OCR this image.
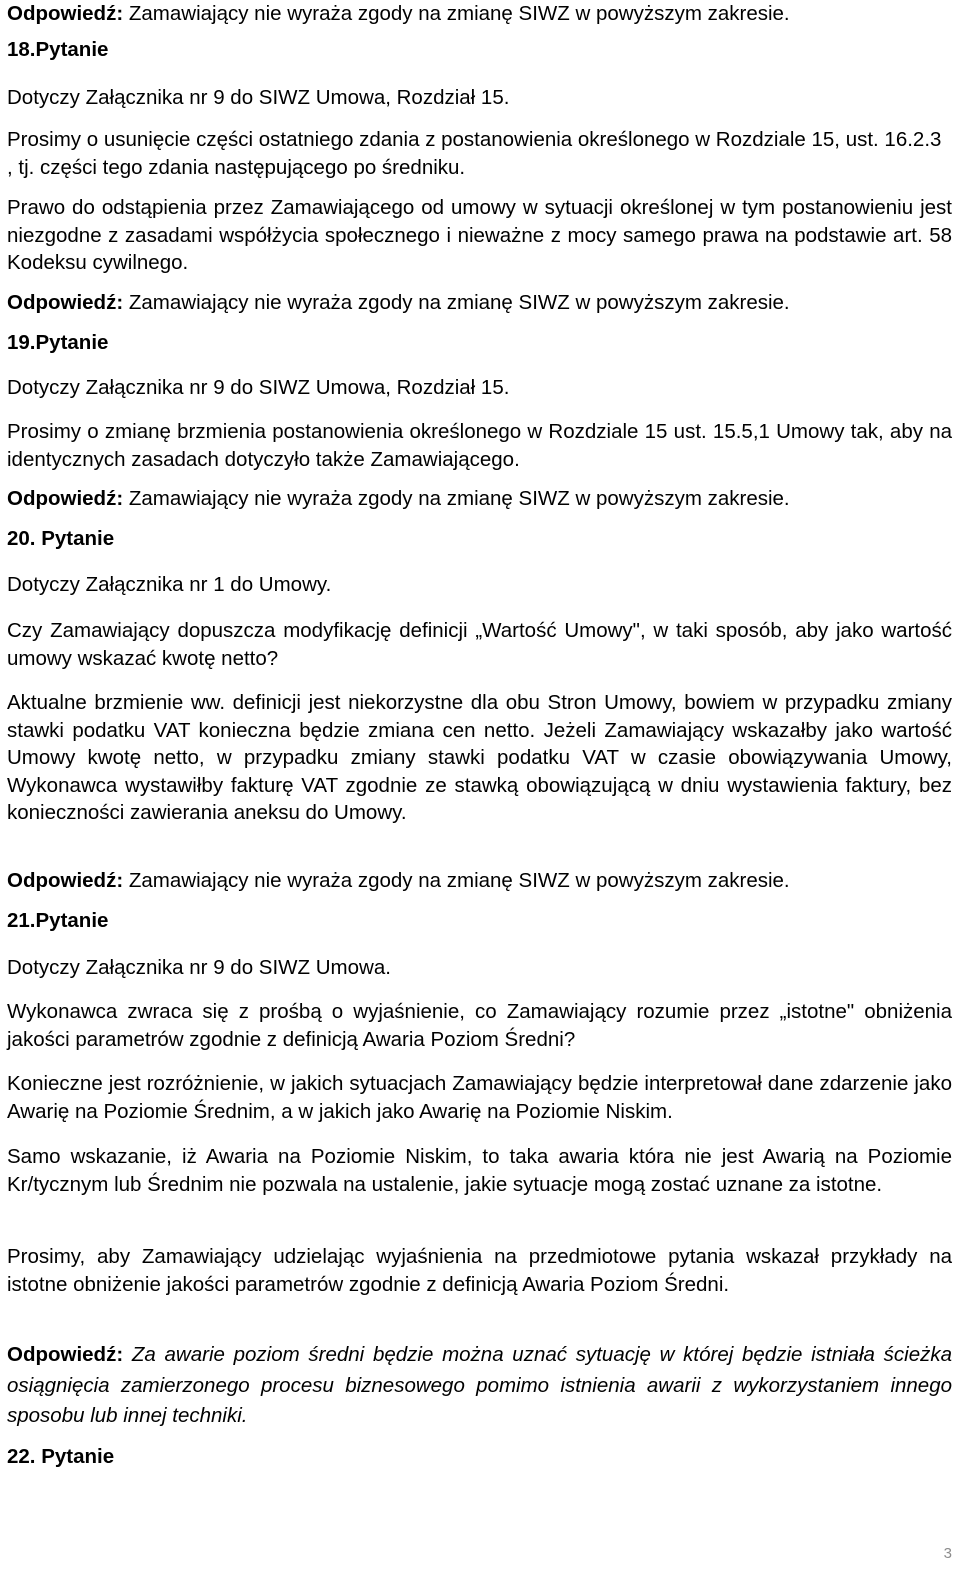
Odpowiedź: Zamawiający nie wyraża zgody na zmianę SIWZ w powyższym zakresie.

18.Pytanie

Dotyczy Załącznika nr 9 do SIWZ Umowa, Rozdział 15.

Prosimy o usunięcie części ostatniego zdania z postanowienia określonego w Rozdziale 15, ust. 16.2.3 , tj. części tego zdania następującego po średniku.

Prawo do odstąpienia przez Zamawiającego od umowy w sytuacji określonej w tym postanowieniu jest niezgodne z zasadami współżycia społecznego i nieważne z mocy samego prawa na podstawie art. 58 Kodeksu cywilnego.

Odpowiedź: Zamawiający nie wyraża zgody na zmianę SIWZ w powyższym zakresie.

19.Pytanie

Dotyczy Załącznika nr 9 do SIWZ Umowa, Rozdział 15.

Prosimy o zmianę brzmienia postanowienia określonego w Rozdziale 15 ust. 15.5,1 Umowy tak, aby na identycznych zasadach dotyczyło także Zamawiającego.

Odpowiedź: Zamawiający nie wyraża zgody na zmianę SIWZ w powyższym zakresie.

20. Pytanie

Dotyczy Załącznika nr 1 do Umowy.

Czy Zamawiający dopuszcza modyfikację definicji „Wartość Umowy", w taki sposób, aby jako wartość umowy wskazać kwotę netto?

Aktualne brzmienie ww. definicji jest niekorzystne dla obu Stron Umowy, bowiem w przypadku zmiany stawki podatku VAT konieczna będzie zmiana cen netto. Jeżeli Zamawiający wskazałby jako wartość Umowy kwotę netto, w przypadku zmiany stawki podatku VAT w czasie obowiązywania Umowy, Wykonawca wystawiłby fakturę VAT zgodnie ze stawką obowiązującą w dniu wystawienia faktury, bez konieczności zawierania aneksu do Umowy.

Odpowiedź: Zamawiający nie wyraża zgody na zmianę SIWZ w powyższym zakresie.

21.Pytanie

Dotyczy Załącznika nr 9 do SIWZ Umowa.

Wykonawca zwraca się z prośbą o wyjaśnienie, co Zamawiający rozumie przez „istotne" obniżenia jakości parametrów zgodnie z definicją Awaria Poziom Średni?

Konieczne jest rozróżnienie, w jakich sytuacjach Zamawiający będzie interpretował dane zdarzenie jako Awarię na Poziomie Średnim, a w jakich jako Awarię na Poziomie Niskim.

Samo wskazanie, iż Awaria na Poziomie Niskim, to taka awaria która nie jest Awarią na Poziomie Kr/tycznym lub Średnim nie pozwala na ustalenie, jakie sytuacje mogą zostać uznane za istotne.

Prosimy, aby Zamawiający udzielając wyjaśnienia na przedmiotowe pytania wskazał przykłady na istotne obniżenie jakości parametrów zgodnie z definicją Awaria Poziom Średni.

Odpowiedź: Za awarie poziom średni będzie można uznać sytuację w której będzie istniała ścieżka osiągnięcia zamierzonego procesu biznesowego pomimo istnienia awarii z wykorzystaniem innego sposobu lub innej techniki.

22. Pytanie

3
